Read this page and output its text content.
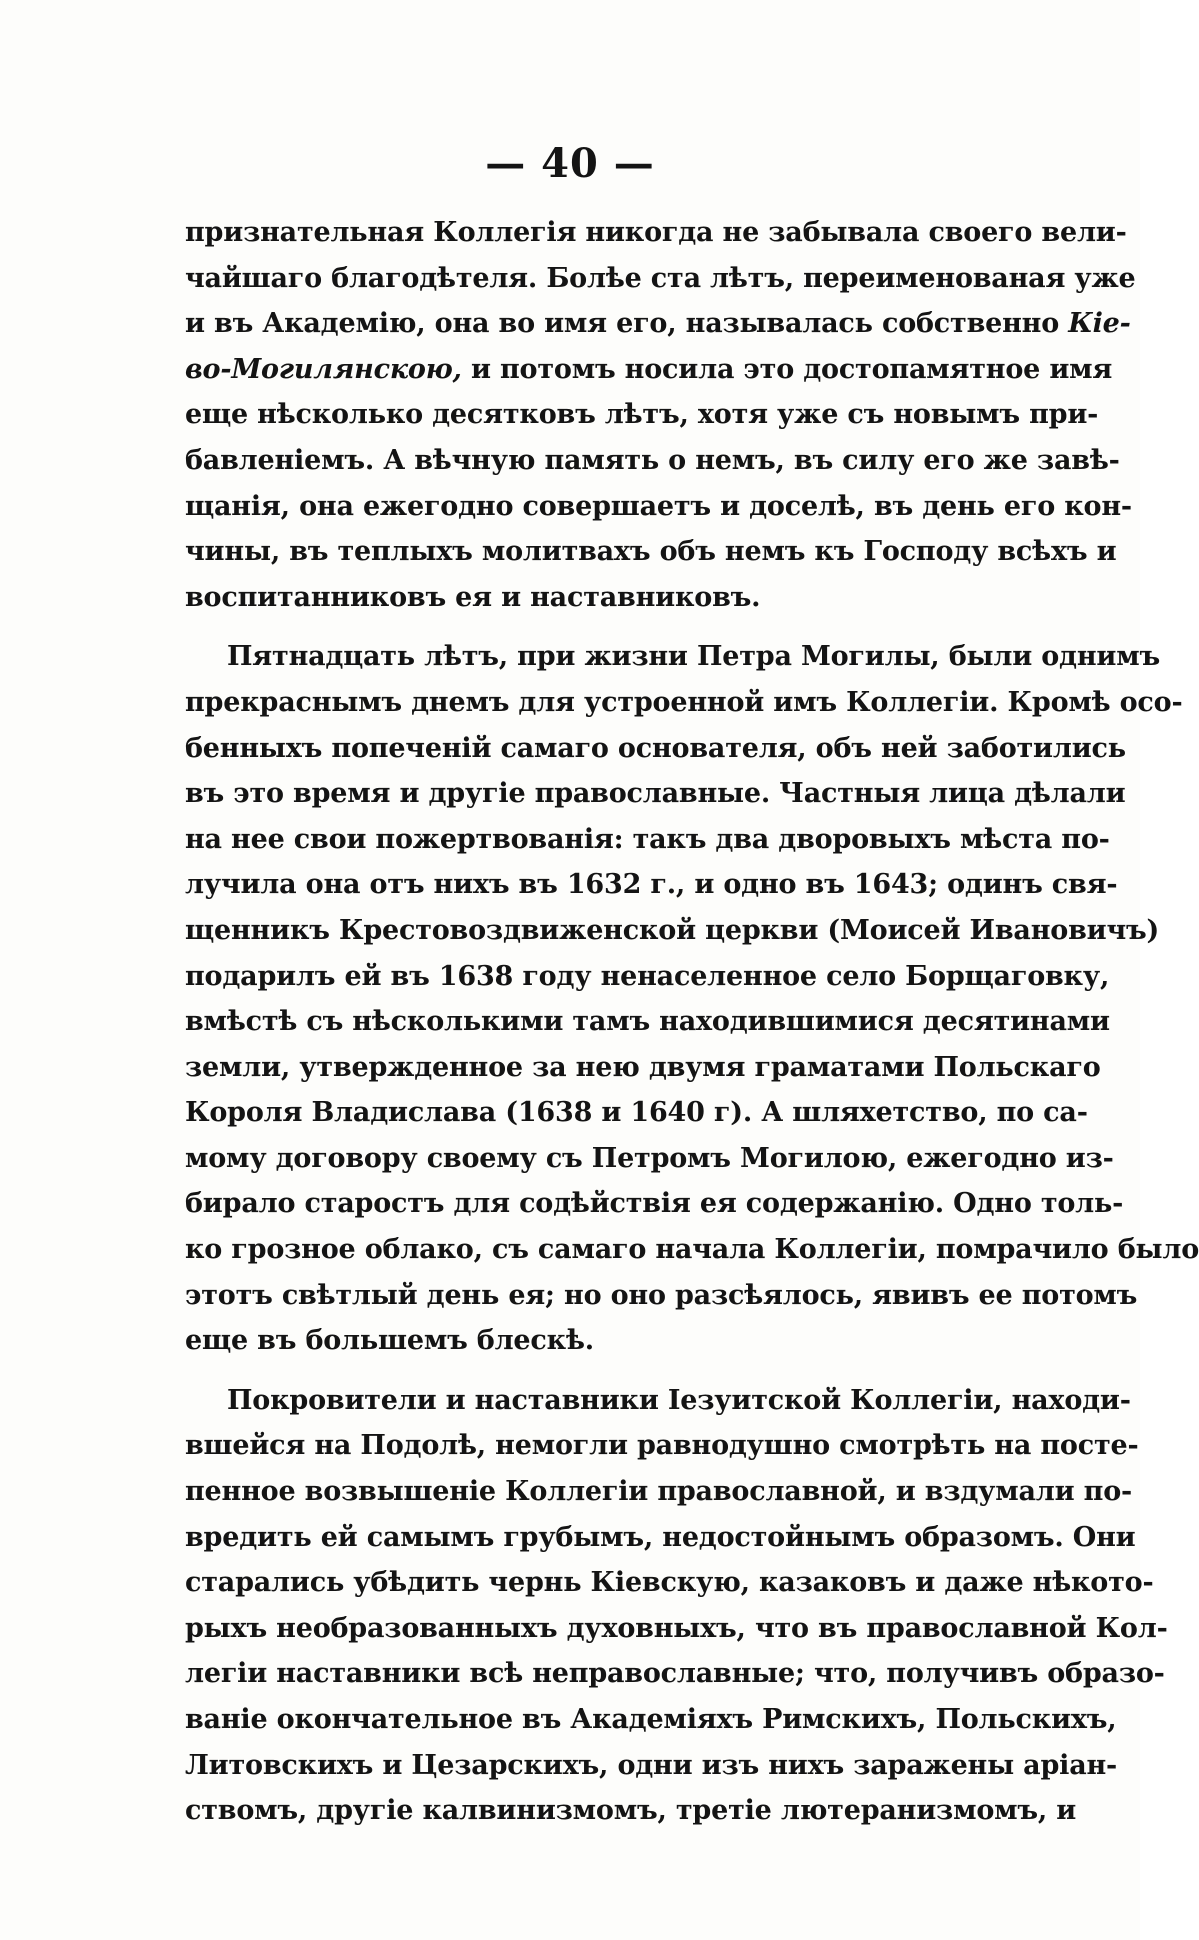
— 40 —
признательная Коллегія никогда не забывала своего вели-
чайшаго благодѣтеля. Болѣе ста лѣтъ, переименованая уже
и въ Академію, она во имя его, называлась собственно Кіе-
во-Могилянскою, и потомъ носила это достопамятное имя
еще нѣсколько десятковъ лѣтъ, хотя уже съ новымъ при-
бавленіемъ. А вѣчную память о немъ, въ силу его же завѣ-
щанія, она ежегодно совершаетъ и доселѣ, въ день его кон-
чины, въ теплыхъ молитвахъ объ немъ къ Господу всѣхъ и
воспитанниковъ ея и наставниковъ.
Пятнадцать лѣтъ, при жизни Петра Могилы, были однимъ
прекраснымъ днемъ для устроенной имъ Коллегіи. Кромѣ осо-
бенныхъ попеченій самаго основателя, объ ней заботились
въ это время и другіе православные. Частныя лица дѣлали
на нее свои пожертвованія: такъ два дворовыхъ мѣста по-
лучила она отъ нихъ въ 1632 г., и одно въ 1643; одинъ свя-
щенникъ Крестовоздвиженской церкви (Моисей Ивановичъ)
подарилъ ей въ 1638 году ненаселенное село Борщаговку,
вмѣстѣ съ нѣсколькими тамъ находившимися десятинами
земли, утвержденное за нею двумя граматами Польскаго
Короля Владислава (1638 и 1640 г). А шляхетство, по са-
мому договору своему съ Петромъ Могилою, ежегодно из-
бирало старостъ для содѣйствія ея содержанію. Одно толь-
ко грозное облако, съ самаго начала Коллегіи, помрачило было
этотъ свѣтлый день ея; но оно разсѣялось, явивъ ее потомъ
еще въ большемъ блескѣ.
Покровители и наставники Іезуитской Коллегіи, находи-
вшейся на Подолѣ, немогли равнодушно смотрѣть на посте-
пенное возвышеніе Коллегіи православной, и вздумали по-
вредить ей самымъ грубымъ, недостойнымъ образомъ. Они
старались убѣдить чернь Кіевскую, казаковъ и даже нѣкото-
рыхъ необразованныхъ духовныхъ, что въ православной Кол-
легіи наставники всѣ неправославные; что, получивъ образо-
ваніе окончательное въ Академіяхъ Римскихъ, Польскихъ,
Литовскихъ и Цезарскихъ, одни изъ нихъ заражены аріан-
ствомъ, другіе калвинизмомъ, третіе лютеранизмомъ, и
